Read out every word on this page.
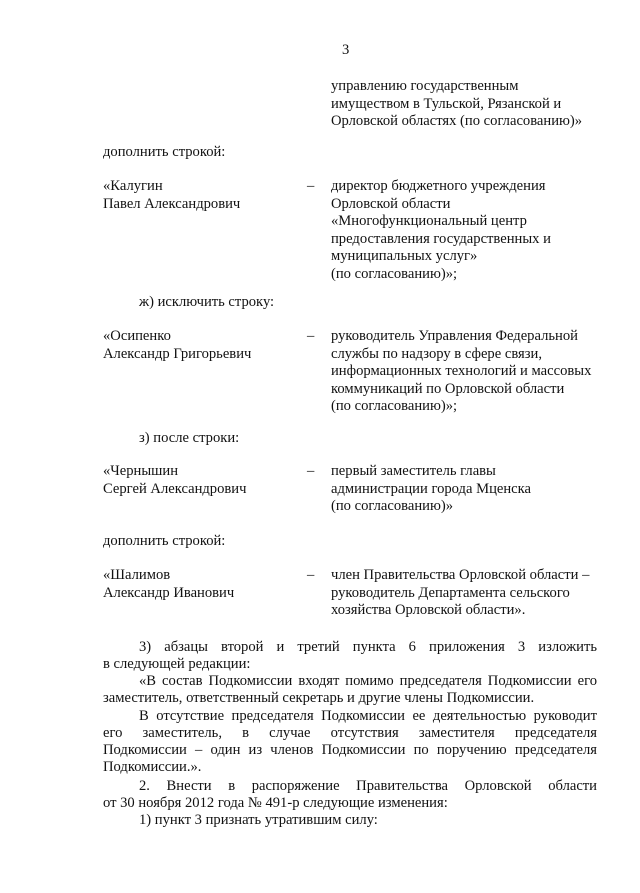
3
управлению государственным
имуществом в Тульской, Рязанской и
Орловской областях (по согласованию)»
дополнить строкой:
«Калугин
Павел Александрович
– директор бюджетного учреждения
Орловской области
«Многофункциональный центр
предоставления государственных и
муниципальных услуг»
(по согласованию)»;
ж) исключить строку:
«Осипенко
Александр Григорьевич
– руководитель Управления Федеральной
службы по надзору в сфере связи,
информационных технологий и массовых
коммуникаций по Орловской области
(по согласованию)»;
з) после строки:
«Чернышин
Сергей Александрович
– первый заместитель главы
администрации города Мценска
(по согласованию)»
дополнить строкой:
«Шалимов
Александр Иванович
– член Правительства Орловской области –
руководитель Департамента сельского
хозяйства Орловской области».
3) абзацы второй и третий пункта 6 приложения 3 изложить
в следующей редакции:
«В состав Подкомиссии входят помимо председателя Подкомиссии его
заместитель, ответственный секретарь и другие члены Подкомиссии.
В отсутствие председателя Подкомиссии ее деятельностью руководит
его заместитель, в случае отсутствия заместителя председателя
Подкомиссии – один из членов Подкомиссии по поручению председателя
Подкомиссии.».
2. Внести в распоряжение Правительства Орловской области
от 30 ноября 2012 года № 491-р следующие изменения:
1) пункт 3 признать утратившим силу:
